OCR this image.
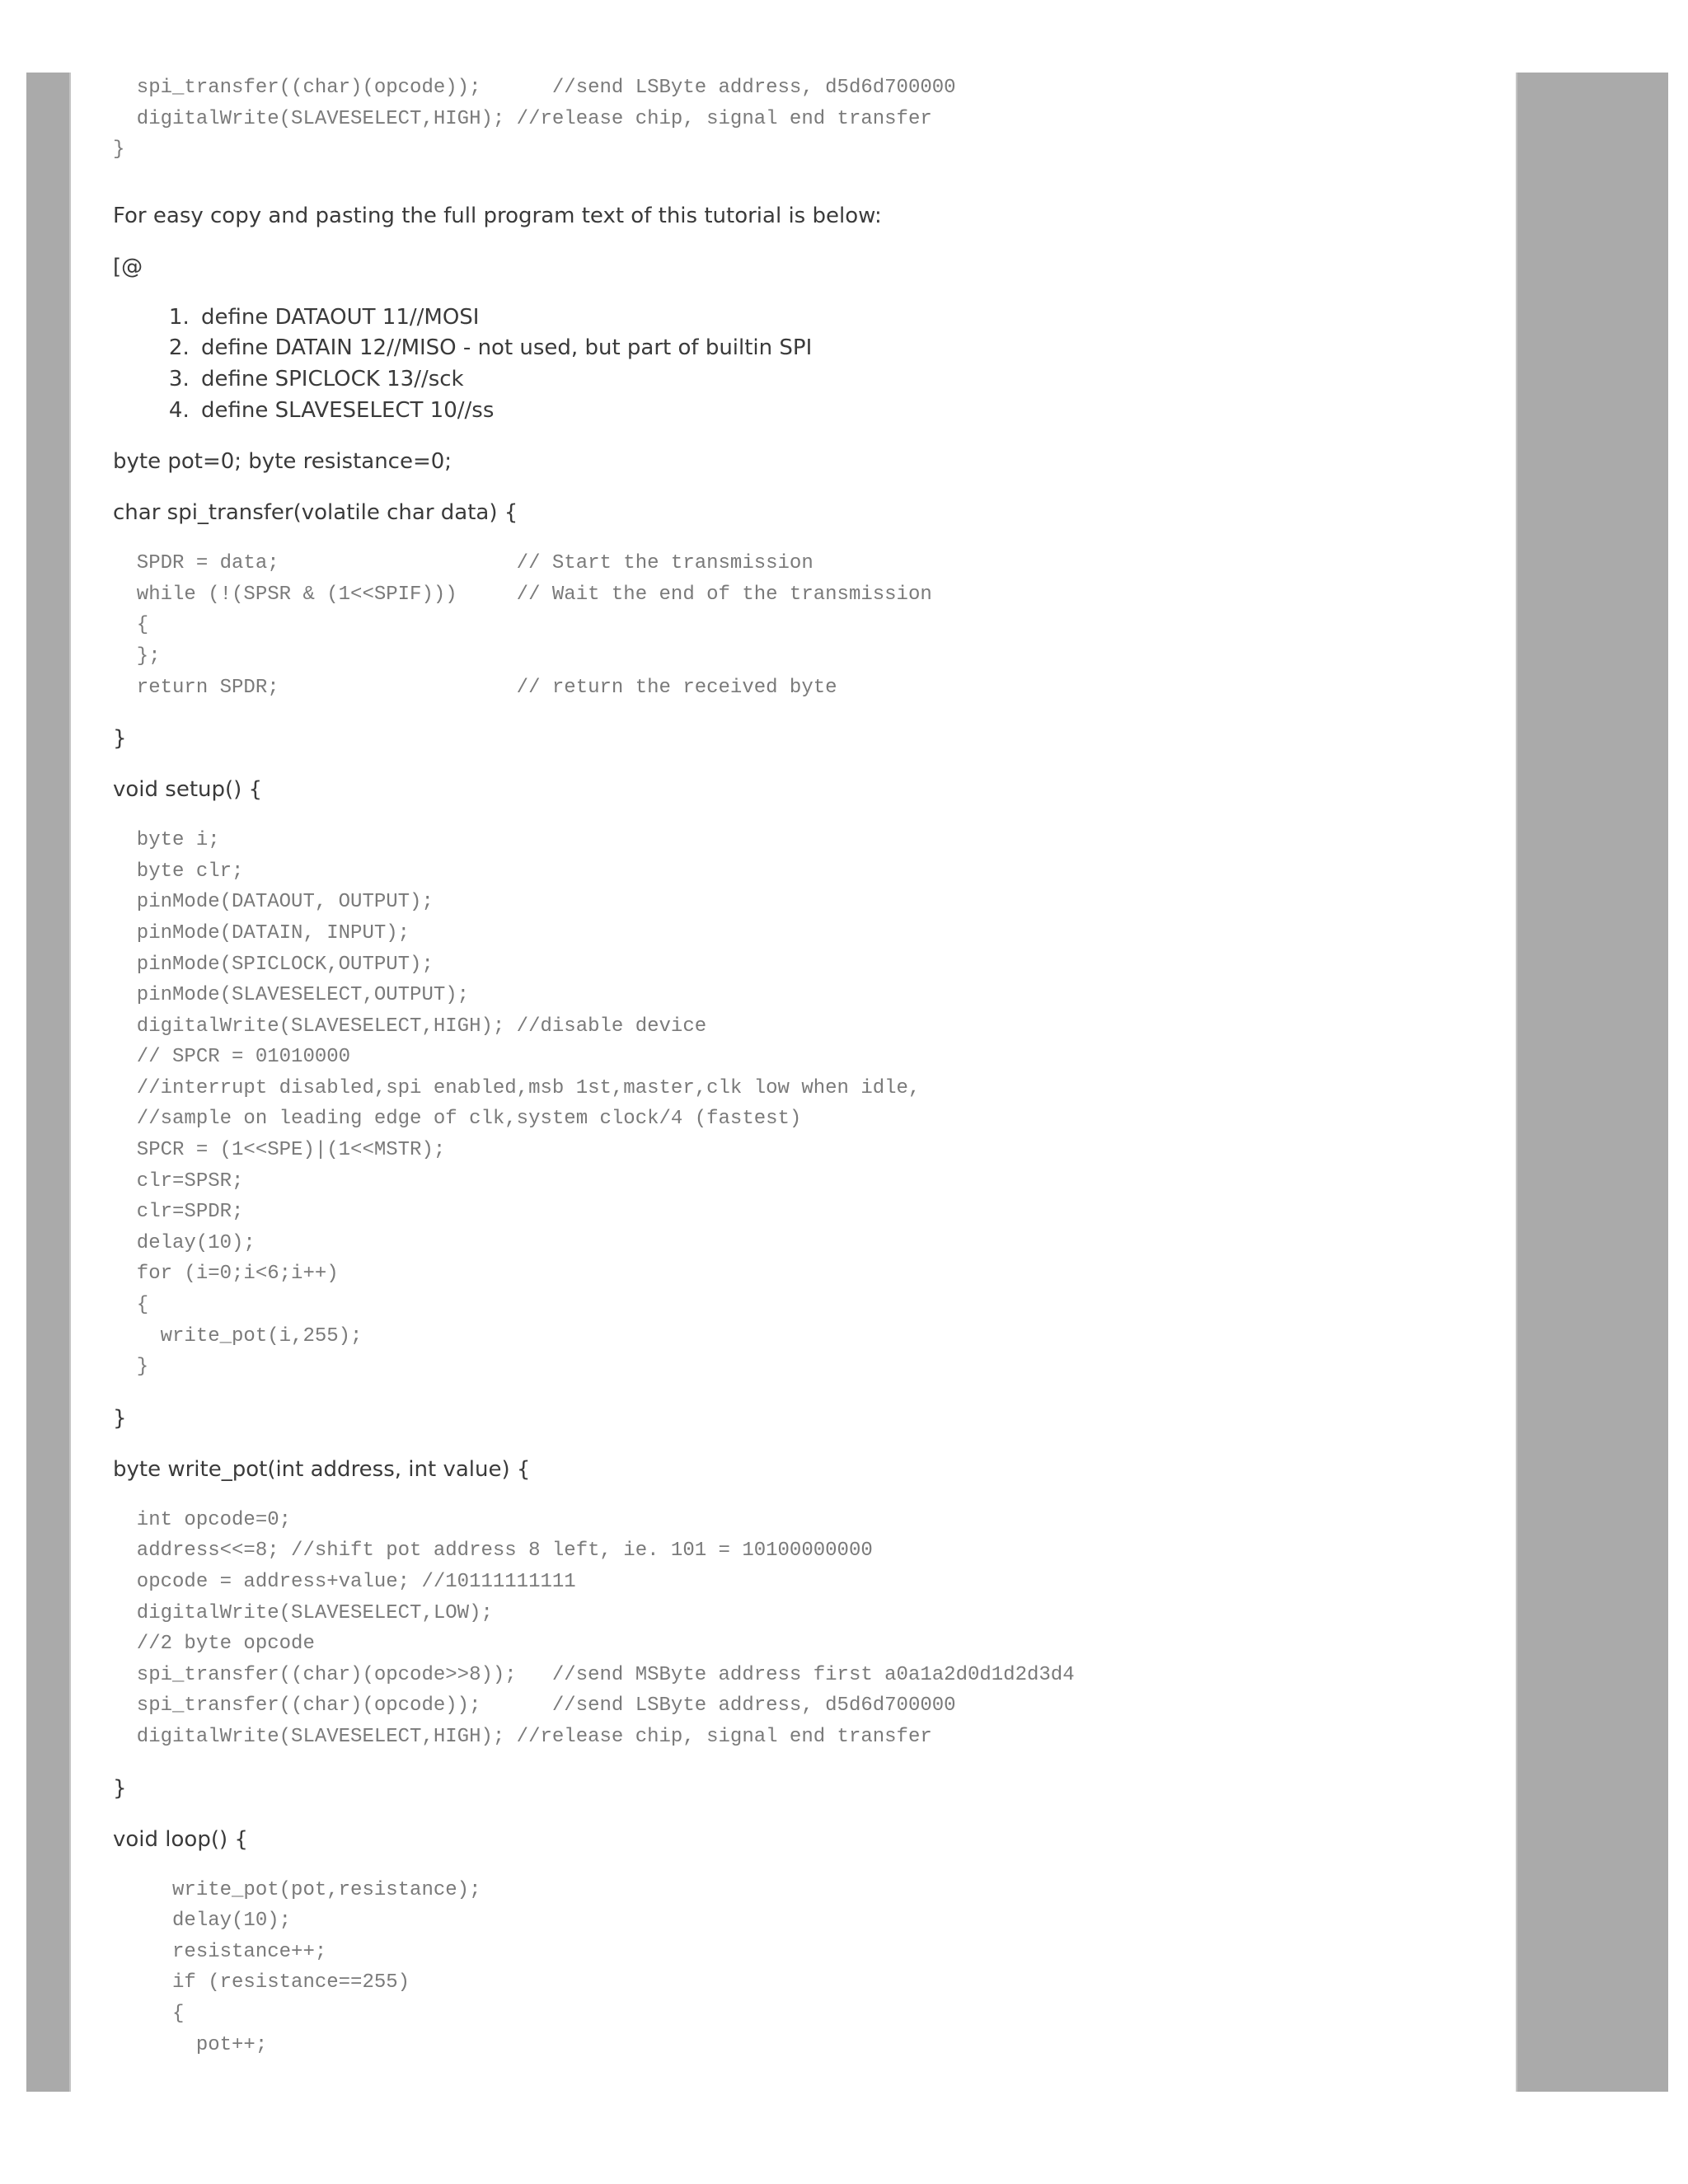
spi_transfer((char)(opcode));      //send LSByte address, d5d6d700000
digitalWrite(SLAVESELECT,HIGH); //release chip, signal end transfer
}

For easy copy and pasting the full program text of this tutorial is below:

[@

1. define DATAOUT 11//MOSI
2. define DATAIN 12//MISO - not used, but part of builtin SPI
3. define SPICLOCK 13//sck
4. define SLAVESELECT 10//ss

byte pot=0; byte resistance=0;

char spi_transfer(volatile char data) {

SPDR = data;                    // Start the transmission
while (!(SPSR & (1<<SPIF)))     // Wait the end of the transmission
{
};
return SPDR;                    // return the received byte

}

void setup() {

byte i;
byte clr;
pinMode(DATAOUT, OUTPUT);
pinMode(DATAIN, INPUT);
pinMode(SPICLOCK,OUTPUT);
pinMode(SLAVESELECT,OUTPUT);
digitalWrite(SLAVESELECT,HIGH); //disable device
// SPCR = 01010000
//interrupt disabled,spi enabled,msb 1st,master,clk low when idle,
//sample on leading edge of clk,system clock/4 (fastest)
SPCR = (1<<SPE)|(1<<MSTR);
clr=SPSR;
clr=SPDR;
delay(10);
for (i=0;i<6;i++)
{
write_pot(i,255);
}

}

byte write_pot(int address, int value) {

int opcode=0;
address<<=8; //shift pot address 8 left, ie. 101 = 10100000000
opcode = address+value; //10111111111
digitalWrite(SLAVESELECT,LOW);
//2 byte opcode
spi_transfer((char)(opcode>>8));   //send MSByte address first a0a1a2d0d1d2d3d4
spi_transfer((char)(opcode));      //send LSByte address, d5d6d700000
digitalWrite(SLAVESELECT,HIGH); //release chip, signal end transfer

}

void loop() {

write_pot(pot,resistance);
delay(10);
resistance++;
if (resistance==255)
{
pot++;
